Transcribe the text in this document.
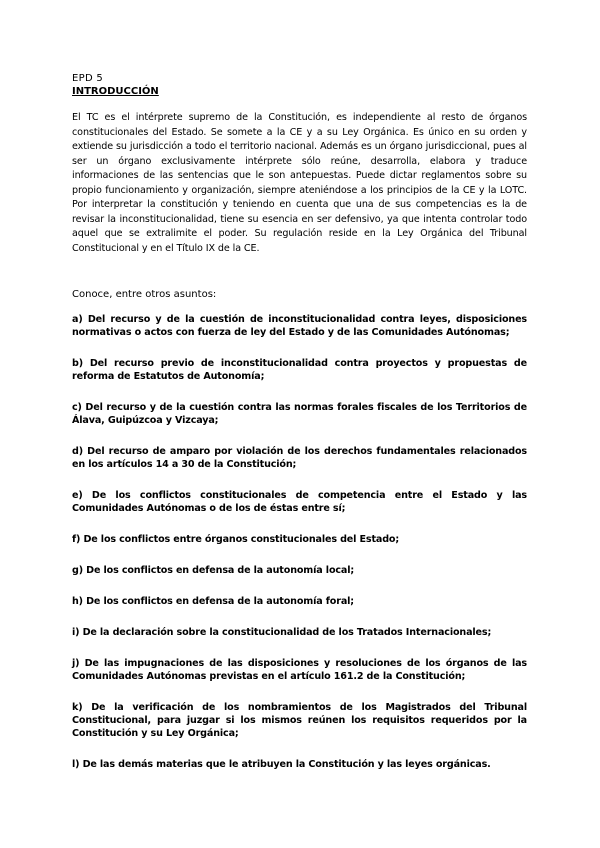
EPD 5
INTRODUCCIÓN

El TC es el intérprete supremo de la Constitución, es independiente al resto de órganos constitucionales del Estado. Se somete a la CE y a su Ley Orgánica. Es único en su orden y extiende su jurisdicción a todo el territorio nacional. Además es un órgano jurisdiccional, pues al ser un órgano exclusivamente intérprete sólo reúne, desarrolla, elabora y traduce informaciones de las sentencias que le son antepuestas. Puede dictar reglamentos sobre su propio funcionamiento y organización, siempre ateniéndose a los principios de la CE y la LOTC. Por interpretar la constitución y teniendo en cuenta que una de sus competencias es la de revisar la inconstitucionalidad, tiene su esencia en ser defensivo, ya que intenta controlar todo aquel que se extralimite el poder. Su regulación reside en la Ley Orgánica del Tribunal Constitucional y en el Título IX de la CE.

Conoce, entre otros asuntos:

a) Del recurso y de la cuestión de inconstitucionalidad contra leyes, disposiciones normativas o actos con fuerza de ley del Estado y de las Comunidades Autónomas;
b) Del recurso previo de inconstitucionalidad contra proyectos y propuestas de reforma de Estatutos de Autonomía;
c) Del recurso y de la cuestión contra las normas forales fiscales de los Territorios de Álava, Guipúzcoa y Vizcaya;
d) Del recurso de amparo por violación de los derechos fundamentales relacionados en los artículos 14 a 30 de la Constitución;
e) De los conflictos constitucionales de competencia entre el Estado y las Comunidades Autónomas o de los de éstas entre sí;
f) De los conflictos entre órganos constitucionales del Estado;
g) De los conflictos en defensa de la autonomía local;
h) De los conflictos en defensa de la autonomía foral;
i) De la declaración sobre la constitucionalidad de los Tratados Internacionales;
j) De las impugnaciones de las disposiciones y resoluciones de los órganos de las Comunidades Autónomas previstas en el artículo 161.2 de la Constitución;
k) De la verificación de los nombramientos de los Magistrados del Tribunal Constitucional, para juzgar si los mismos reúnen los requisitos requeridos por la Constitución y su Ley Orgánica;
l) De las demás materias que le atribuyen la Constitución y las leyes orgánicas.
